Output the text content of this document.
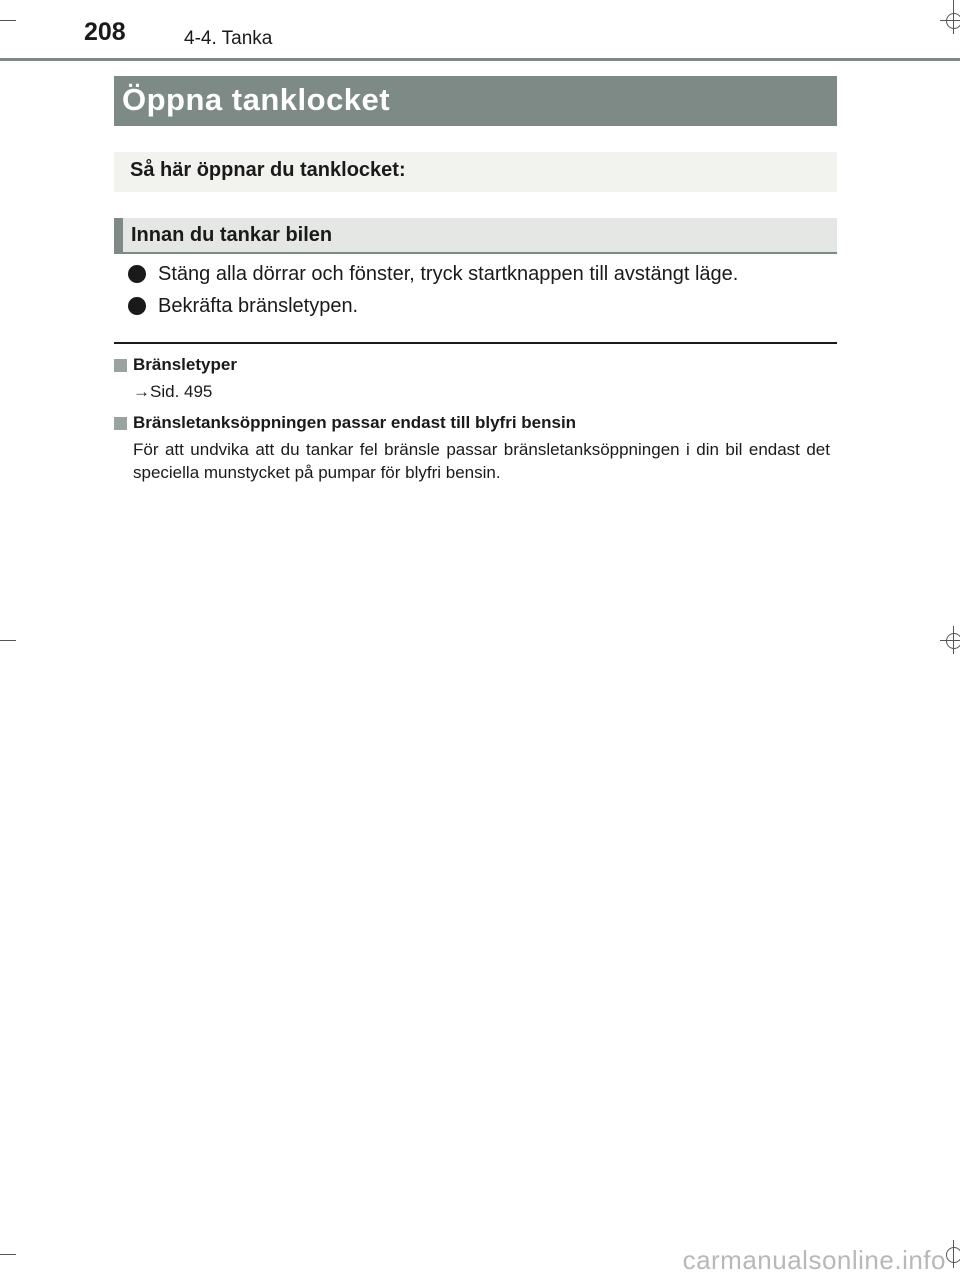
208	4-4. Tanka
Öppna tanklocket
Så här öppnar du tanklocket:
Innan du tankar bilen
Stäng alla dörrar och fönster, tryck startknappen till avstängt läge.
Bekräfta bränsletypen.
Bränsletyper
→Sid. 495
Bränsletanksöppningen passar endast till blyfri bensin
För att undvika att du tankar fel bränsle passar bränsletanksöppningen i din bil endast det speciella munstycket på pumpar för blyfri bensin.
carmanualsonline.info
